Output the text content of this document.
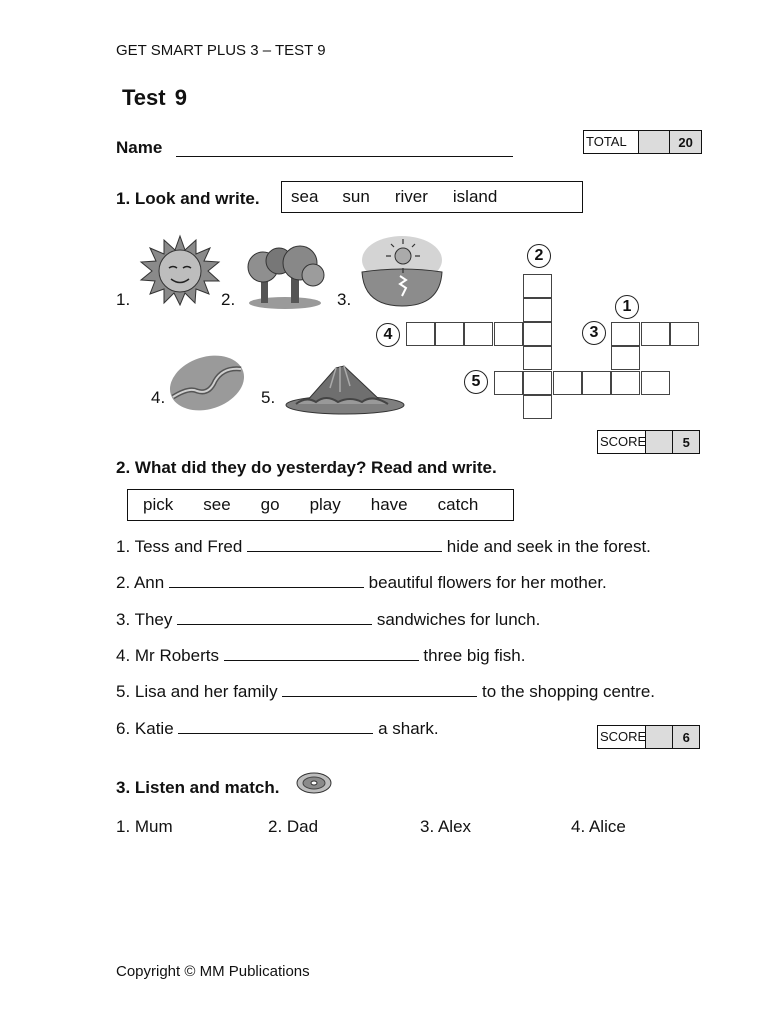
GET SMART PLUS 3 – TEST 9
Test 9
Name	TOTAL	20
1. Look and write. sea sun river island
1.	2.	3.
4.	5.
2
1
4	3
5
SCORE	5
2. What did they do yesterday? Read and write.
pick see go play have catch
1. Tess and Fred	hide and seek in the forest.
2. Ann	beautiful flowers for her mother.
3. They	sandwiches for lunch.
4. Mr Roberts	three big fish.
5. Lisa and her family	to the shopping centre.
6. Katie	a shark.	SCORE	6
3. Listen and match.
1. Mum	2. Dad	3. Alex	4. Alice
Copyright © MM Publications
